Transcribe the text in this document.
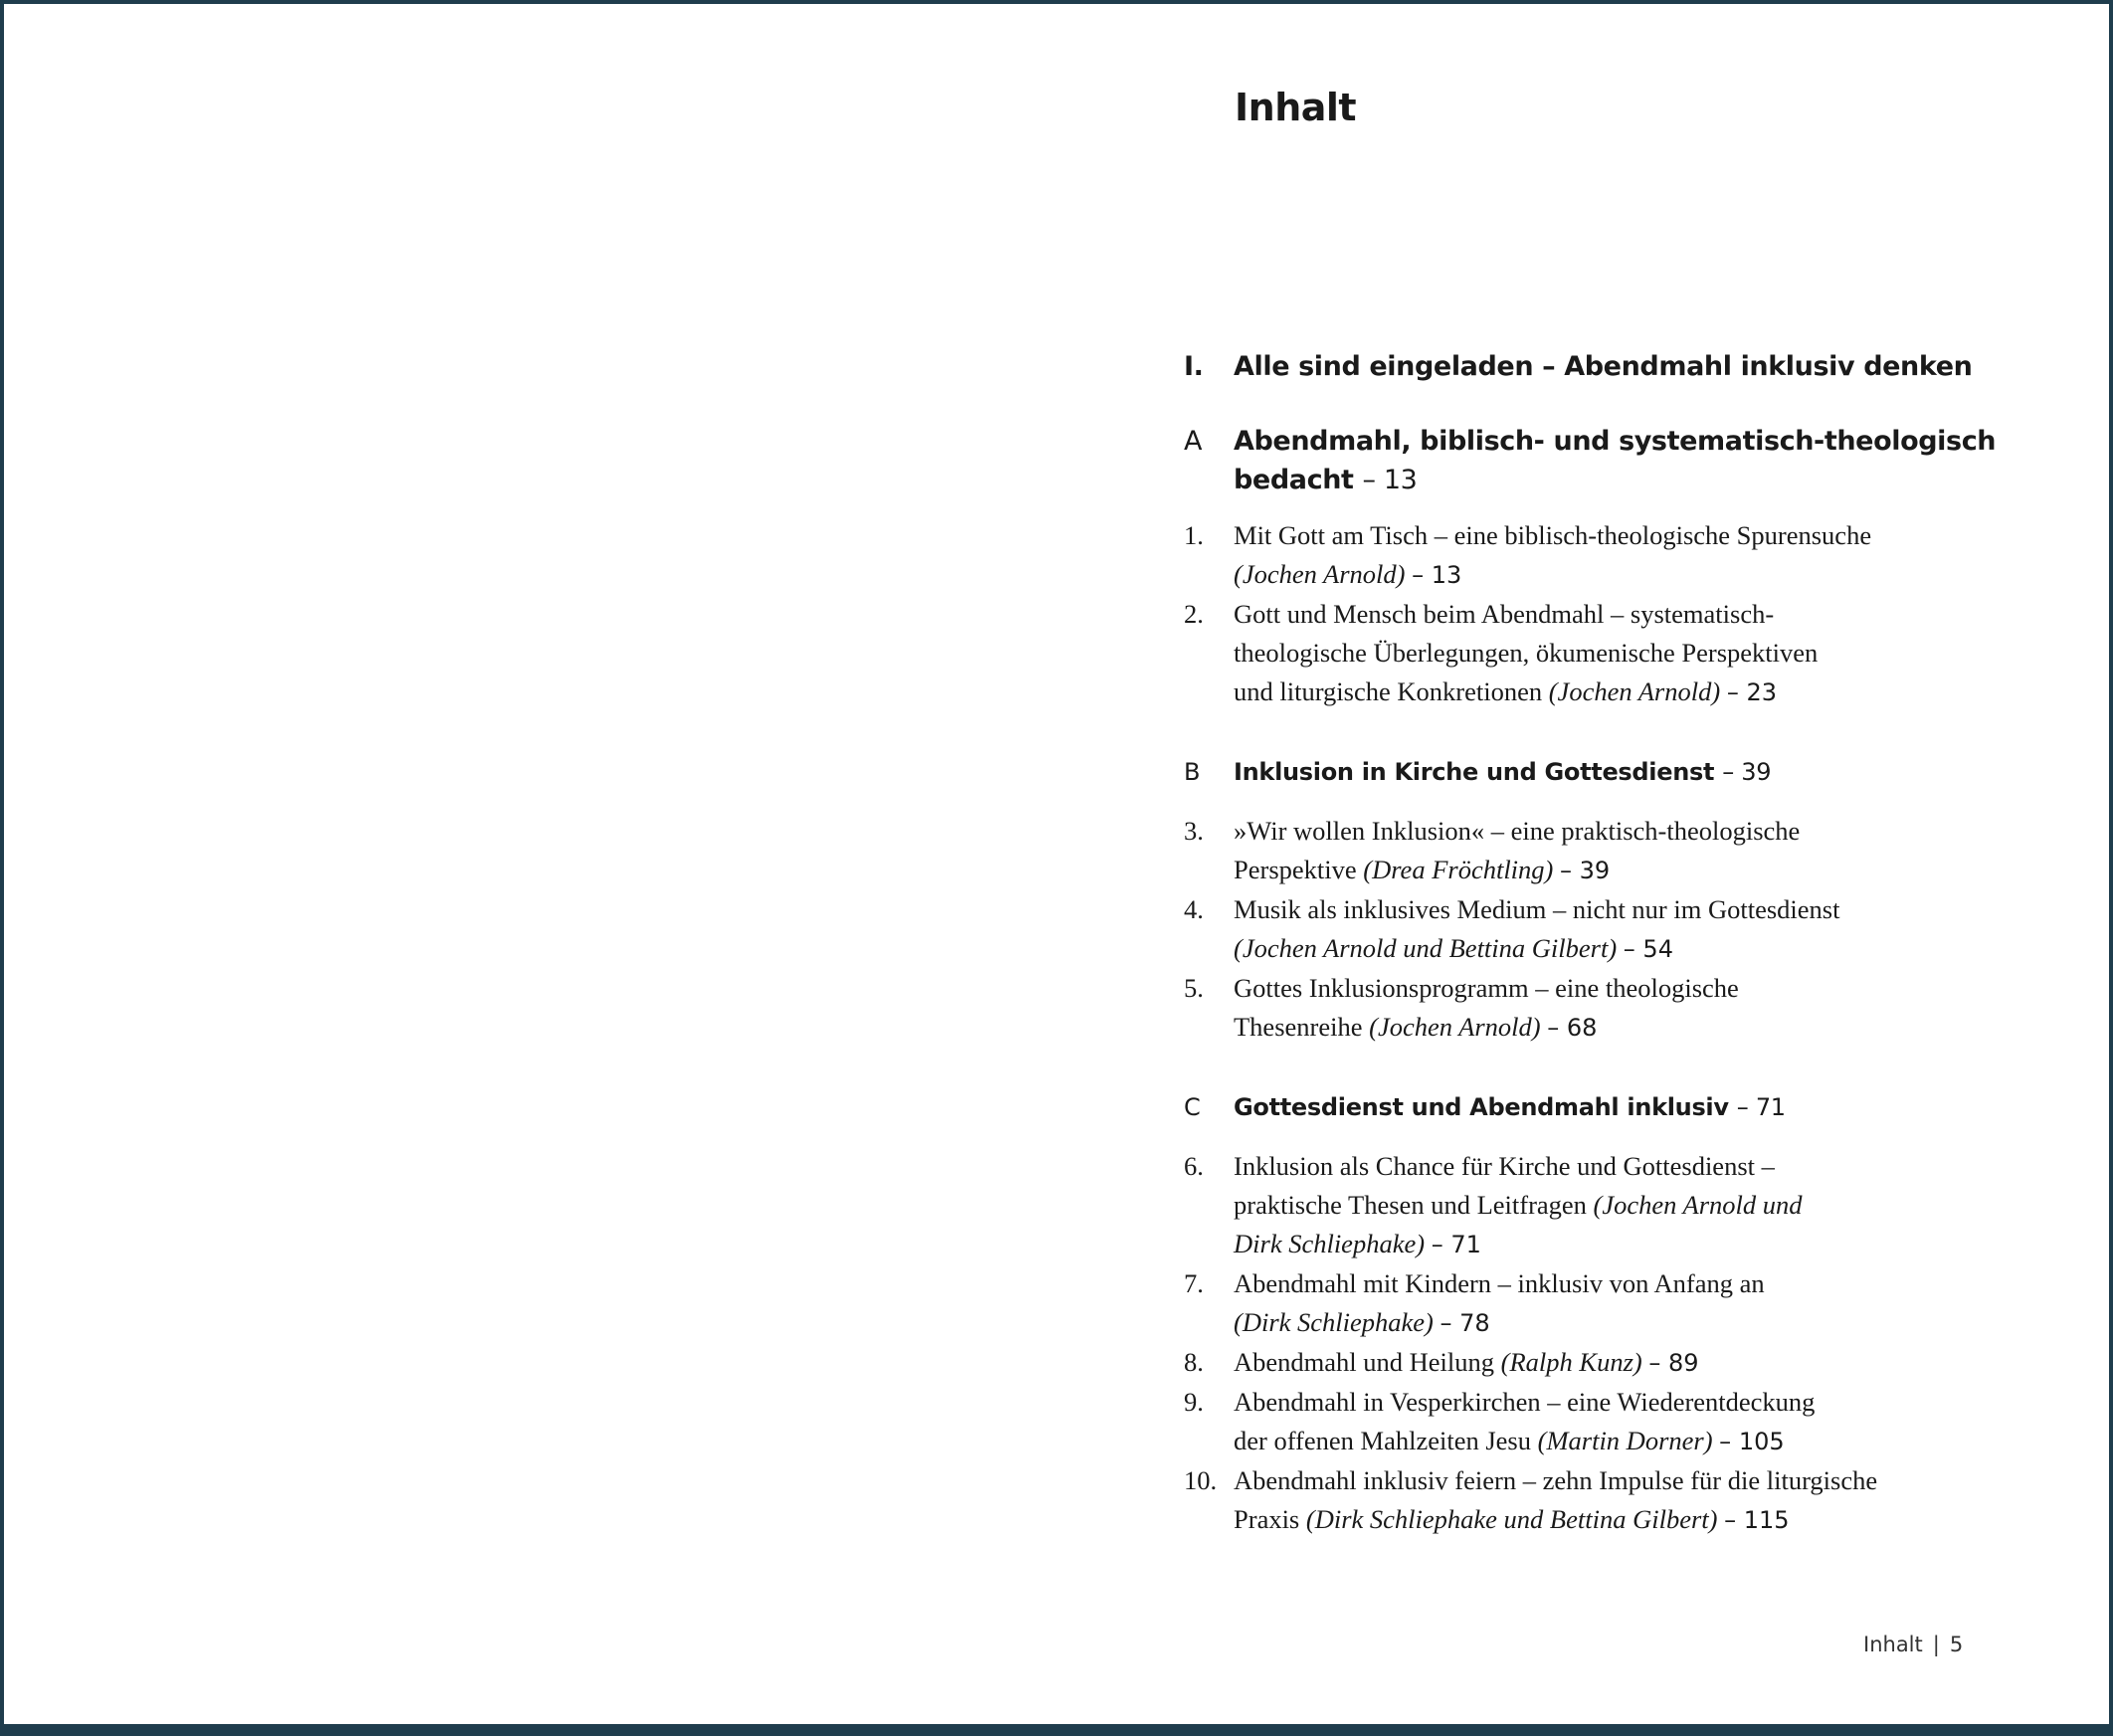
Inhalt
I.	Alle sind eingeladen – Abendmahl inklusiv denken
A	Abendmahl, biblisch- und systematisch-theologisch
bedacht – 13
1.	Mit Gott am Tisch – eine biblisch-theologische Spurensuche
(Jochen Arnold) – 13
2.	Gott und Mensch beim Abendmahl – systematisch-
theologische Überlegungen, ökumenische Perspektiven
und liturgische Konkretionen (Jochen Arnold) – 23
B	Inklusion in Kirche und Gottesdienst – 39
3.	»Wir wollen Inklusion« – eine praktisch-theologische
Perspektive (Drea Fröchtling) – 39
4.	Musik als inklusives Medium – nicht nur im Gottesdienst
(Jochen Arnold und Bettina Gilbert) – 54
5.	Gottes Inklusionsprogramm – eine theologische
Thesenreihe (Jochen Arnold) – 68
C	Gottesdienst und Abendmahl inklusiv – 71
6.	Inklusion als Chance für Kirche und Gottesdienst –
praktische Thesen und Leitfragen (Jochen Arnold und
Dirk Schliephake) – 71
7.	Abendmahl mit Kindern – inklusiv von Anfang an
(Dirk Schliephake) – 78
8.	Abendmahl und Heilung (Ralph Kunz) – 89
9.	Abendmahl in Vesperkirchen – eine Wiederentdeckung
der offenen Mahlzeiten Jesu (Martin Dorner) – 105
10. Abendmahl inklusiv feiern – zehn Impulse für die liturgische
Praxis (Dirk Schliephake und Bettina Gilbert) – 115
Inhalt | 5
